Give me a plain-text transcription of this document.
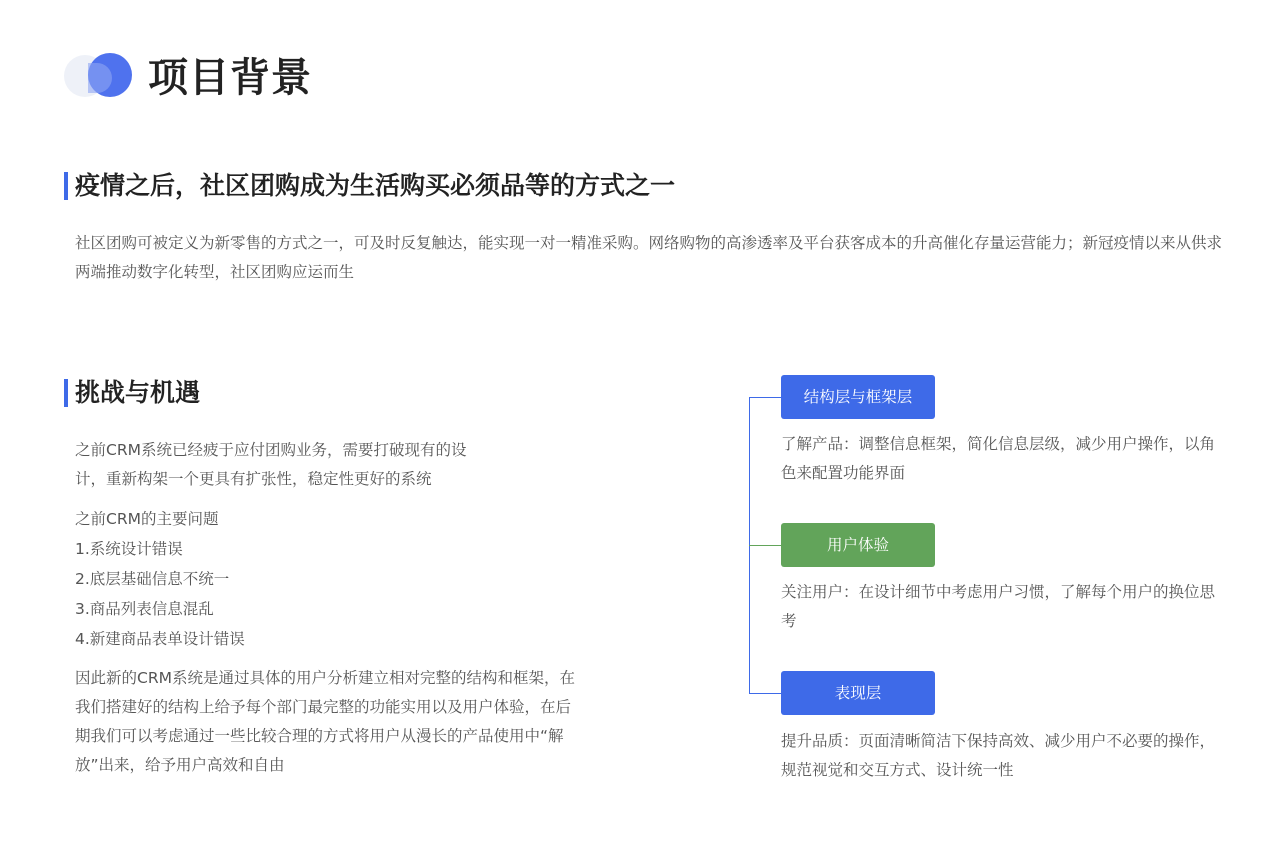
项目背景
疫情之后，社区团购成为生活购买必须品等的方式之一
社区团购可被定义为新零售的方式之一，可及时反复触达，能实现一对一精准采购。网络购物的高渗透率及平台获客成本的升高催化存量运营能力；新冠疫情以来从供求两端推动数字化转型，社区团购应运而生
挑战与机遇
之前CRM系统已经疲于应付团购业务，需要打破现有的设计，重新构架一个更具有扩张性，稳定性更好的系统
之前CRM的主要问题
1.系统设计错误
2.底层基础信息不统一
3.商品列表信息混乱
4.新建商品表单设计错误
因此新的CRM系统是通过具体的用户分析建立相对完整的结构和框架，在我们搭建好的结构上给予每个部门最完整的功能实用以及用户体验，在后期我们可以考虑通过一些比较合理的方式将用户从漫长的产品使用中“解放”出来，给予用户高效和自由
结构层与框架层
了解产品：调整信息框架，简化信息层级，减少用户操作，以角色来配置功能界面
用户体验
关注用户：在设计细节中考虑用户习惯，了解每个用户的换位思考
表现层
提升品质：页面清晰简洁下保持高效、减少用户不必要的操作，规范视觉和交互方式、设计统一性
